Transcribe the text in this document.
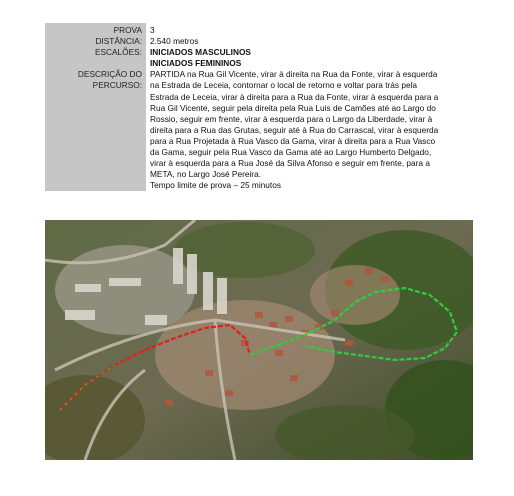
PROVA 3
DISTÂNCIA: 2.540 metros
ESCALÕES: INICIADOS MASCULINOS
INICIADOS FEMININOS
DESCRIÇÃO DO
PERCURSO:
PARTIDA na Rua Gil Vicente, virar à direita na Rua da Fonte, virar à esquerda
na Estrada de Leceia, contornar o local de retorno e voltar para trás pela
Estrada de Leceia, virar à direita para a Rua da Fonte, virar à esquerda para a
Rua Gil Vicente, seguir pela direita pela Rua Luis de Camões até ao Largo do
Rossio, seguir em frente, virar à esquerda para o Largo da Liberdade, virar à
direita para a Rua das Grutas, seguir até à Rua do Carrascal, virar à esquerda
para a Rua Projetada à Rua Vasco da Gama, virar à direita para a Rua Vasco
da Gama, seguir pela Rua Vasco da Gama até ao Largo Humberto Delgado,
virar à esquerda para a Rua José da Silva Afonso e seguir em frente, para a
META, no Largo José Pereira.
Tempo limite de prova – 25 minutos
